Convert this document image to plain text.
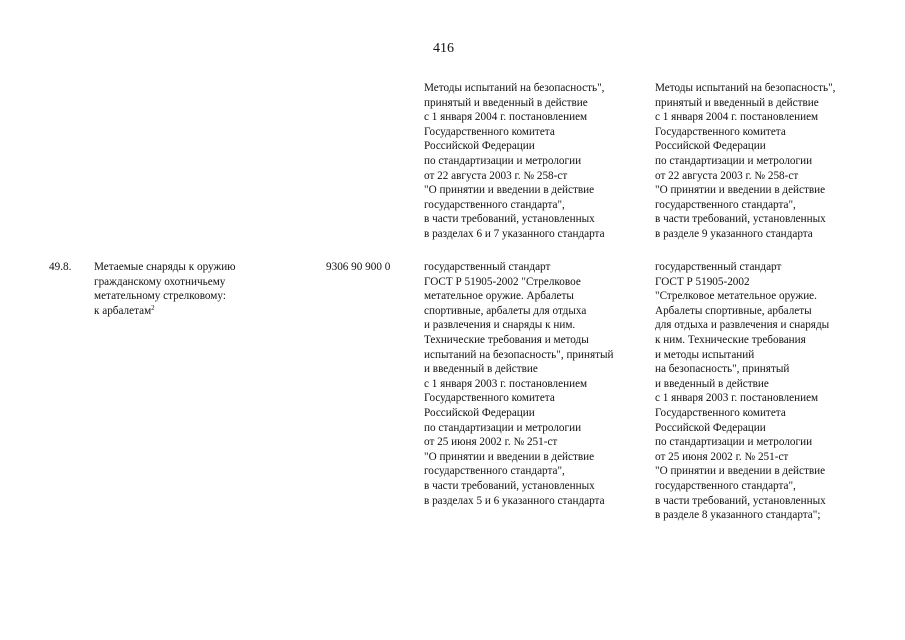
416
Методы испытаний на безопасность",
принятый и введенный в действие
с 1 января 2004 г. постановлением
Государственного комитета
Российской Федерации
по стандартизации и метрологии
от 22 августа 2003 г. № 258-ст
"О принятии и введении в действие
государственного стандарта",
в части требований, установленных
в разделах 6 и 7 указанного стандарта
Методы испытаний на безопасность",
принятый и введенный в действие
с 1 января 2004 г. постановлением
Государственного комитета
Российской Федерации
по стандартизации и метрологии
от 22 августа 2003 г. № 258-ст
"О принятии и введении в действие
государственного стандарта",
в части требований, установленных
в разделе 9 указанного стандарта
49.8. Метаемые снаряды к оружию
гражданскому охотничьему
метательному стрелковому:
к арбалетам$^2$
9306 90 900 0	государственный стандарт
ГОСТ Р 51905-2002 "Стрелковое
метательное оружие. Арбалеты
спортивные, арбалеты для отдыха
и развлечения и снаряды к ним.
Технические требования и методы
испытаний на безопасность", принятый
и введенный в действие
с 1 января 2003 г. постановлением
Государственного комитета
Российской Федерации
по стандартизации и метрологии
от 25 июня 2002 г. № 251-ст
"О принятии и введении в действие
государственного стандарта",
в части требований, установленных
в разделах 5 и 6 указанного стандарта
государственный стандарт
ГОСТ Р 51905-2002
"Стрелковое метательное оружие.
Арбалеты спортивные, арбалеты
для отдыха и развлечения и снаряды
к ним. Технические требования
и методы испытаний
на безопасность", принятый
и введенный в действие
с 1 января 2003 г. постановлением
Государственного комитета
Российской Федерации
по стандартизации и метрологии
от 25 июня 2002 г. № 251-ст
"О принятии и введении в действие
государственного стандарта",
в части требований, установленных
в разделе 8 указанного стандарта";
